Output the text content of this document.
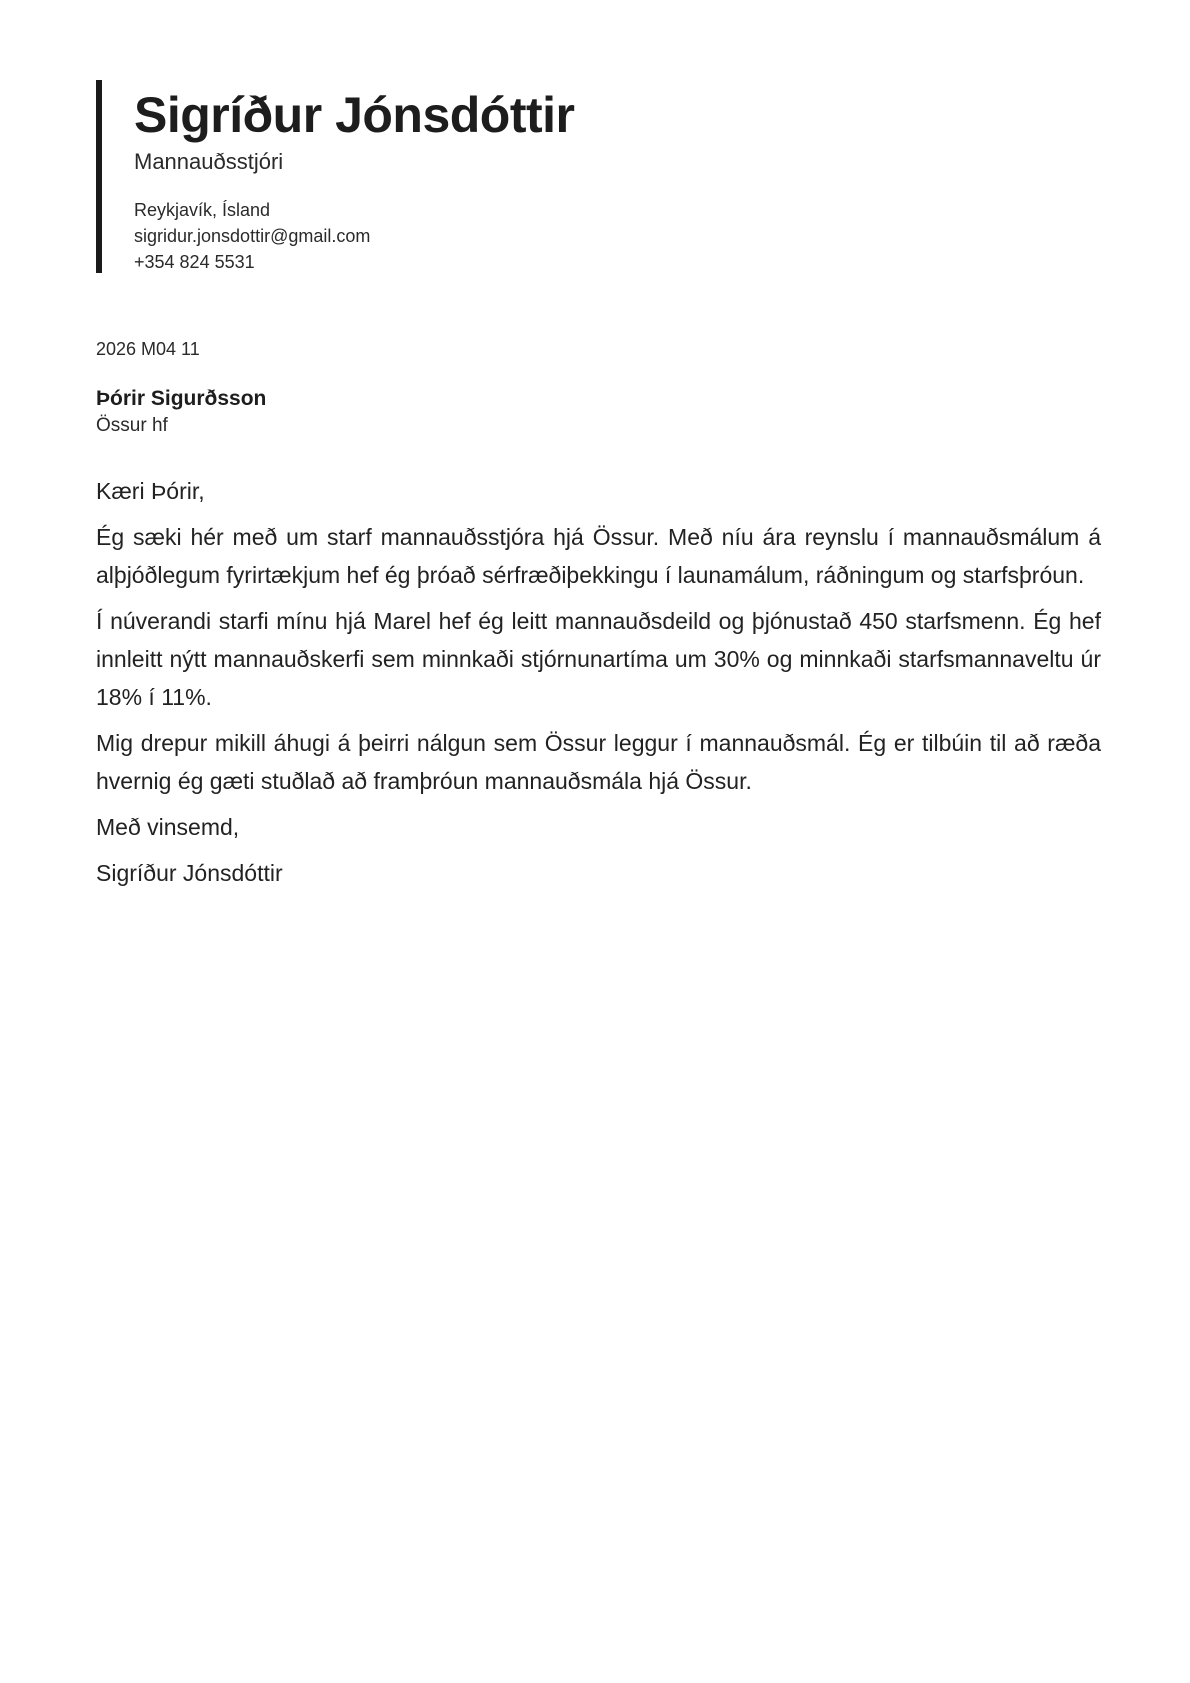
Sigríður Jónsdóttir
Mannauðsstjóri
Reykjavík, Ísland
sigridur.jonsdottir@gmail.com
+354 824 5531
2026 M04 11
Þórir Sigurðsson
Össur hf

Kæri Þórir,

Ég sæki hér með um starf mannauðsstjóra hjá Össur. Með níu ára reynslu í mannauðsmálum á alþjóðlegum fyrirtækjum hef ég þróað sérfræðiþekkingu í launamálum, ráðningum og starfsþróun.

Í núverandi starfi mínu hjá Marel hef ég leitt mannauðsdeild og þjónustað 450 starfsmenn. Ég hef innleitt nýtt mannauðskerfi sem minnkaði stjórnunartíma um 30% og minnkaði starfsmannaveltu úr 18% í 11%.

Mig drepur mikill áhugi á þeirri nálgun sem Össur leggur í mannauðsmál. Ég er tilbúin til að ræða hvernig ég gæti stuðlað að framþróun mannauðsmála hjá Össur.

Með vinsemd,

Sigríður Jónsdóttir
